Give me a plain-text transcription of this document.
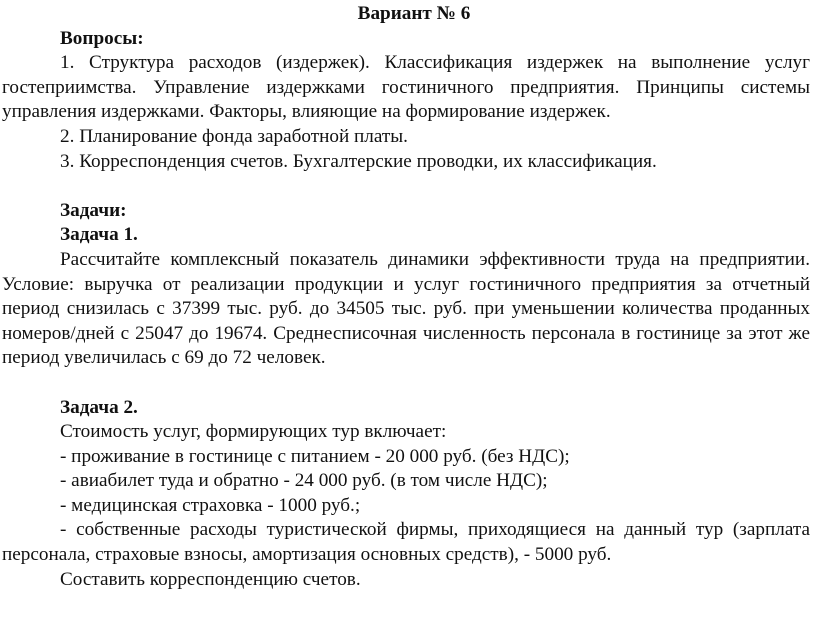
Вариант № 6

Вопросы:

1. Структура расходов (издержек). Классификация издержек на выполнение услуг гостеприимства. Управление издержками гостиничного предприятия. Принципы системы управления издержками. Факторы, влияющие на формирование издержек.

2. Планирование фонда заработной платы.

3. Корреспонденция счетов. Бухгалтерские проводки, их классификация.

Задачи:

Задача 1.

Рассчитайте комплексный показатель динамики эффективности труда на предприятии. Условие: выручка от реализации продукции и услуг гостиничного предприятия за отчетный период снизилась с 37399 тыс. руб. до 34505 тыс. руб. при уменьшении количества проданных номеров/дней с 25047 до 19674. Среднесписочная численность персонала в гостинице за этот же период увеличилась с 69 до 72 человек.

Задача 2.

Стоимость услуг, формирующих тур включает:

- проживание в гостинице с питанием - 20 000 руб. (без НДС);

- авиабилет туда и обратно - 24 000 руб. (в том числе НДС);

- медицинская страховка - 1000 руб.;

- собственные расходы туристической фирмы, приходящиеся на данный тур (зарплата персонала, страховые взносы, амортизация основных средств), - 5000 руб.

Составить корреспонденцию счетов.
